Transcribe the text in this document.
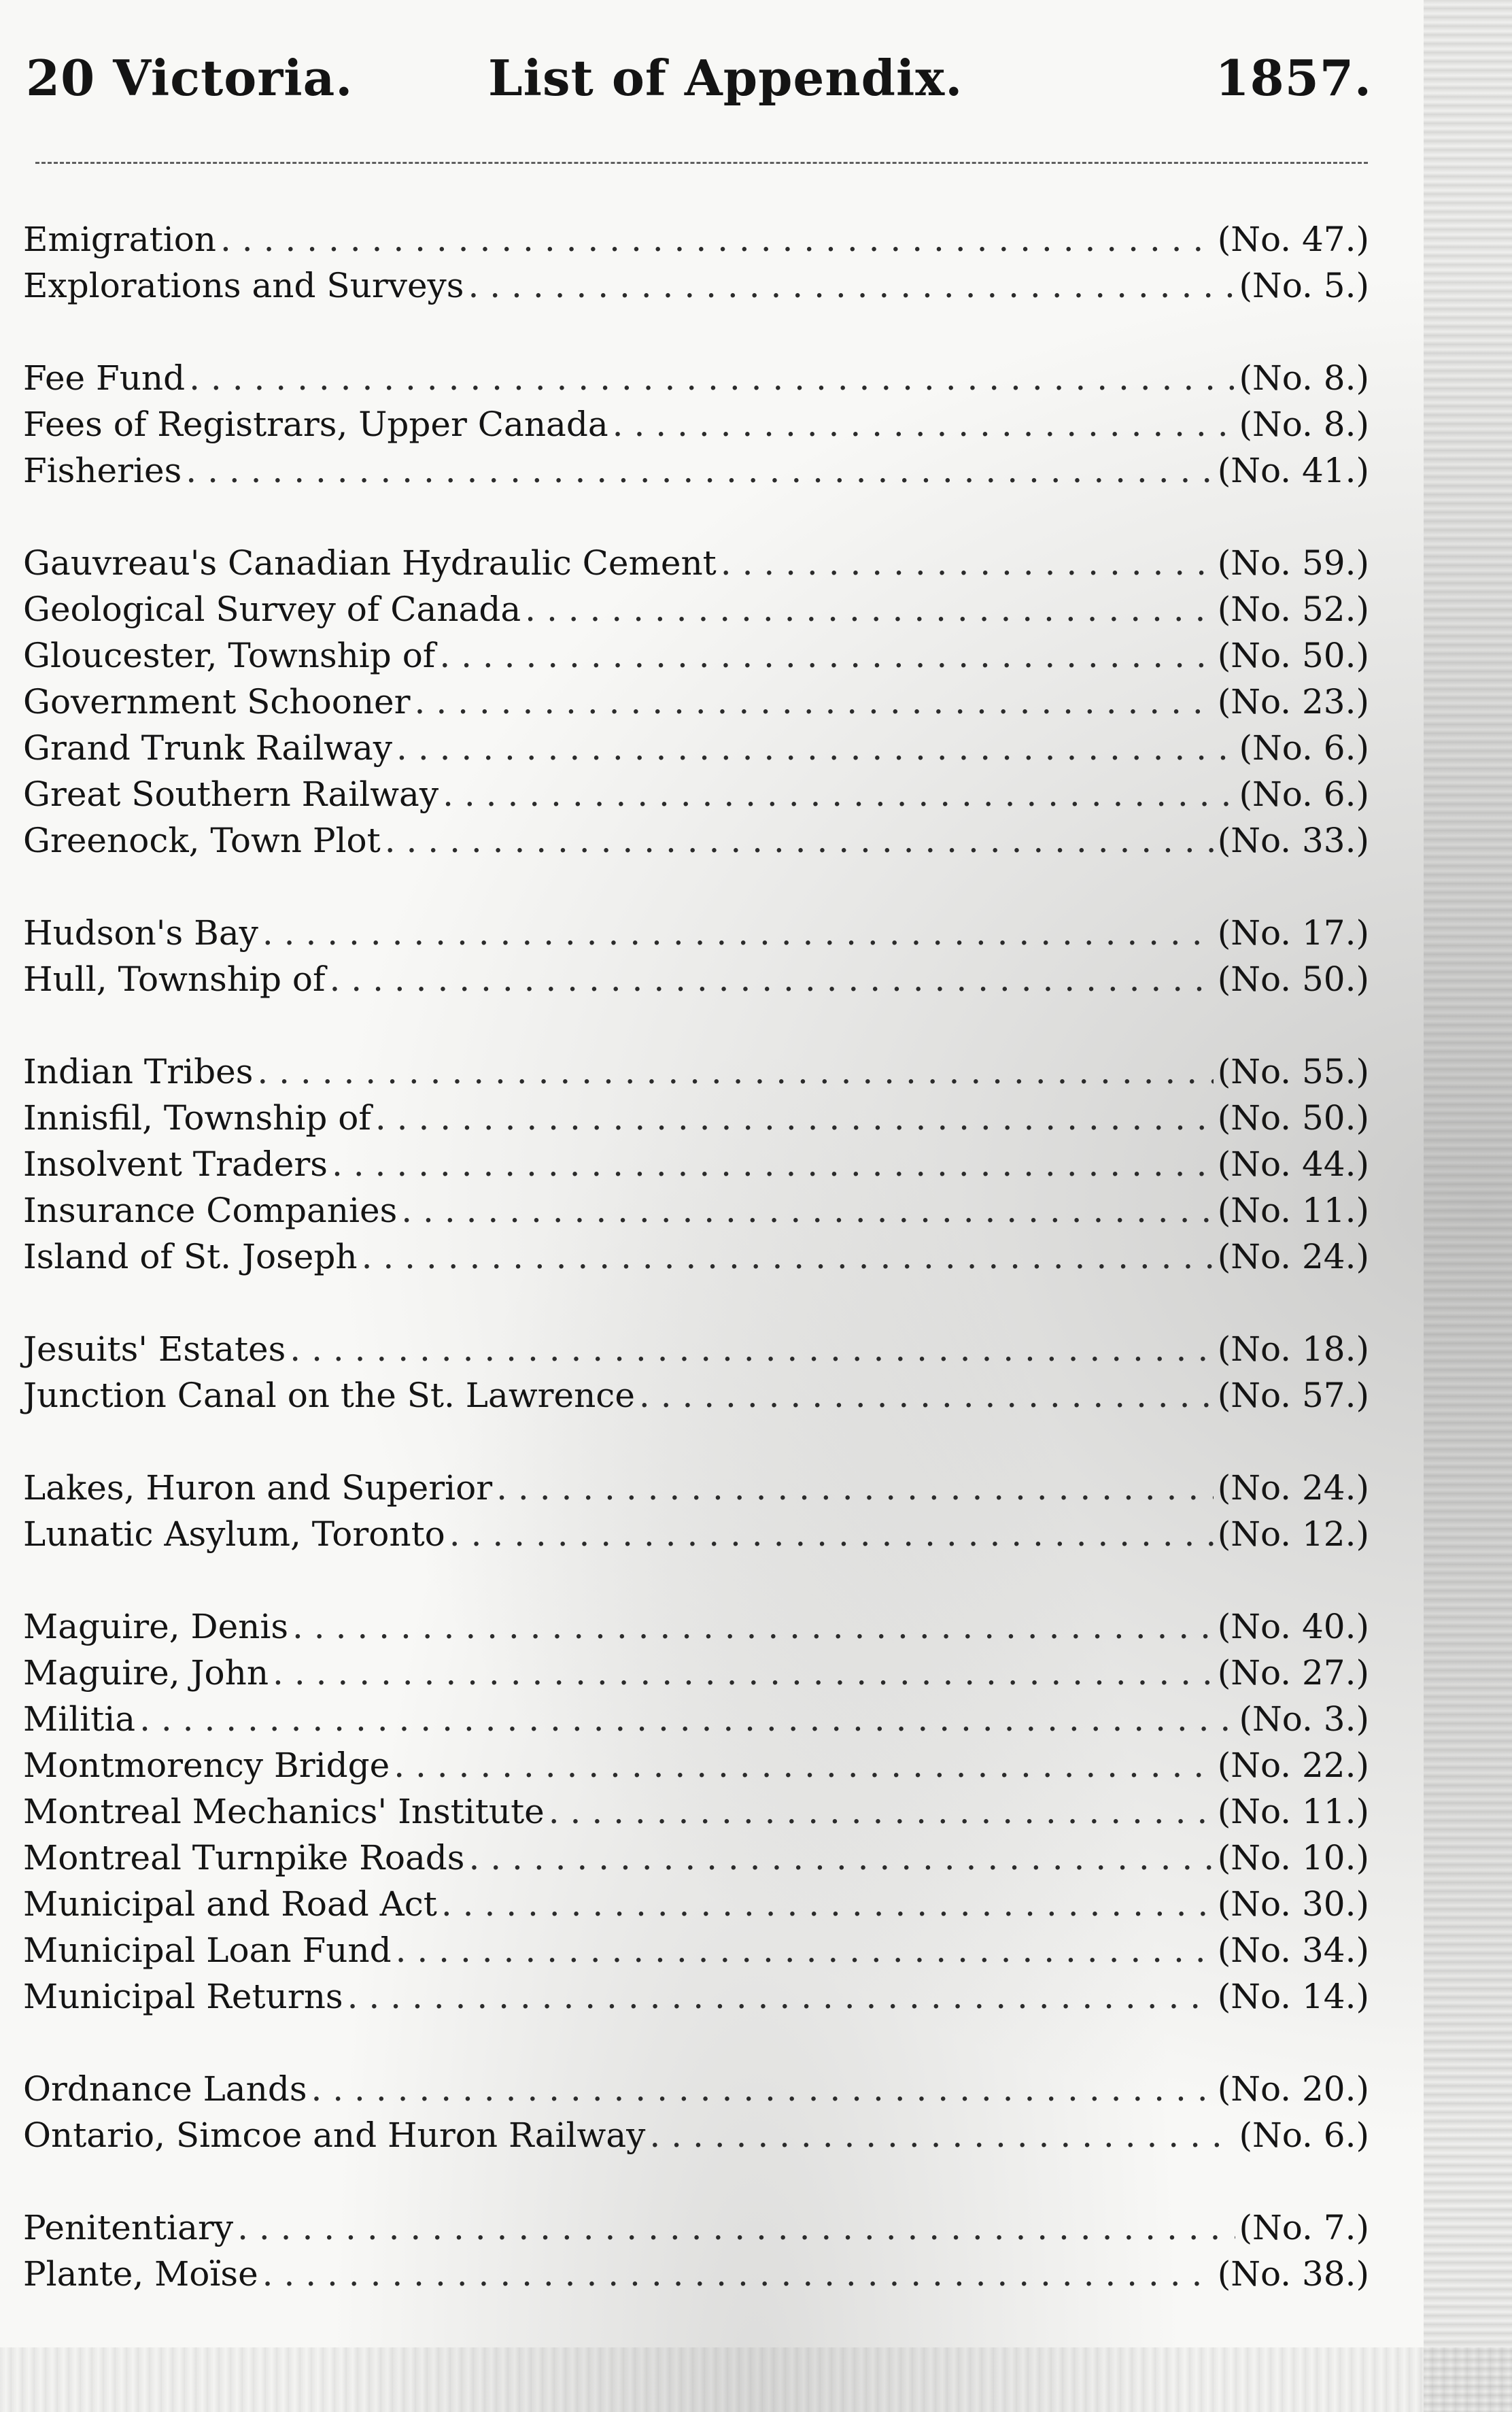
20 Victoria.	List of Appendix.	1857.
Emigration . . .	(No. 47.)
Explorations and Surveys . . .	(No. 5.)
Fee Fund . . .	(No. 8.)
Fees of Registrars, Upper Canada . . .	(No. 8.)
Fisheries . . .	(No. 41.)
Gauvreau's Canadian Hydraulic Cement . . .	(No. 59.)
Geological Survey of Canada . . .	(No. 52.)
Gloucester, Township of . . .	(No. 50.)
Government Schooner . . .	(No. 23.)
Grand Trunk Railway . . .	(No. 6.)
Great Southern Railway . . .	(No. 6.)
Greenock, Town Plot . . .	(No. 33.)
Hudson's Bay . . .	(No. 17.)
Hull, Township of . . .	(No. 50.)
Indian Tribes . . .	(No. 55.)
Innisfil, Township of . . .	(No. 50.)
Insolvent Traders . . .	(No. 44.)
Insurance Companies . . .	(No. 11.)
Island of St. Joseph . . .	(No. 24.)
Jesuits' Estates . . .	(No. 18.)
Junction Canal on the St. Lawrence . . .	(No. 57.)
Lakes, Huron and Superior . . .	(No. 24.)
Lunatic Asylum, Toronto . . .	(No. 12.)
Maguire, Denis . . .	(No. 40.)
Maguire, John . . .	(No. 27.)
Militia . . .	(No. 3.)
Montmorency Bridge . . .	(No. 22.)
Montreal Mechanics' Institute . . .	(No. 11.)
Montreal Turnpike Roads . . .	(No. 10.)
Municipal and Road Act . . .	(No. 30.)
Municipal Loan Fund . . .	(No. 34.)
Municipal Returns . . .	(No. 14.)
Ordnance Lands . . .	(No. 20.)
Ontario, Simcoe and Huron Railway . . .	(No. 6.)
Penitentiary . . .	(No. 7.)
Plante, Moïse . . .	(No. 38.)
